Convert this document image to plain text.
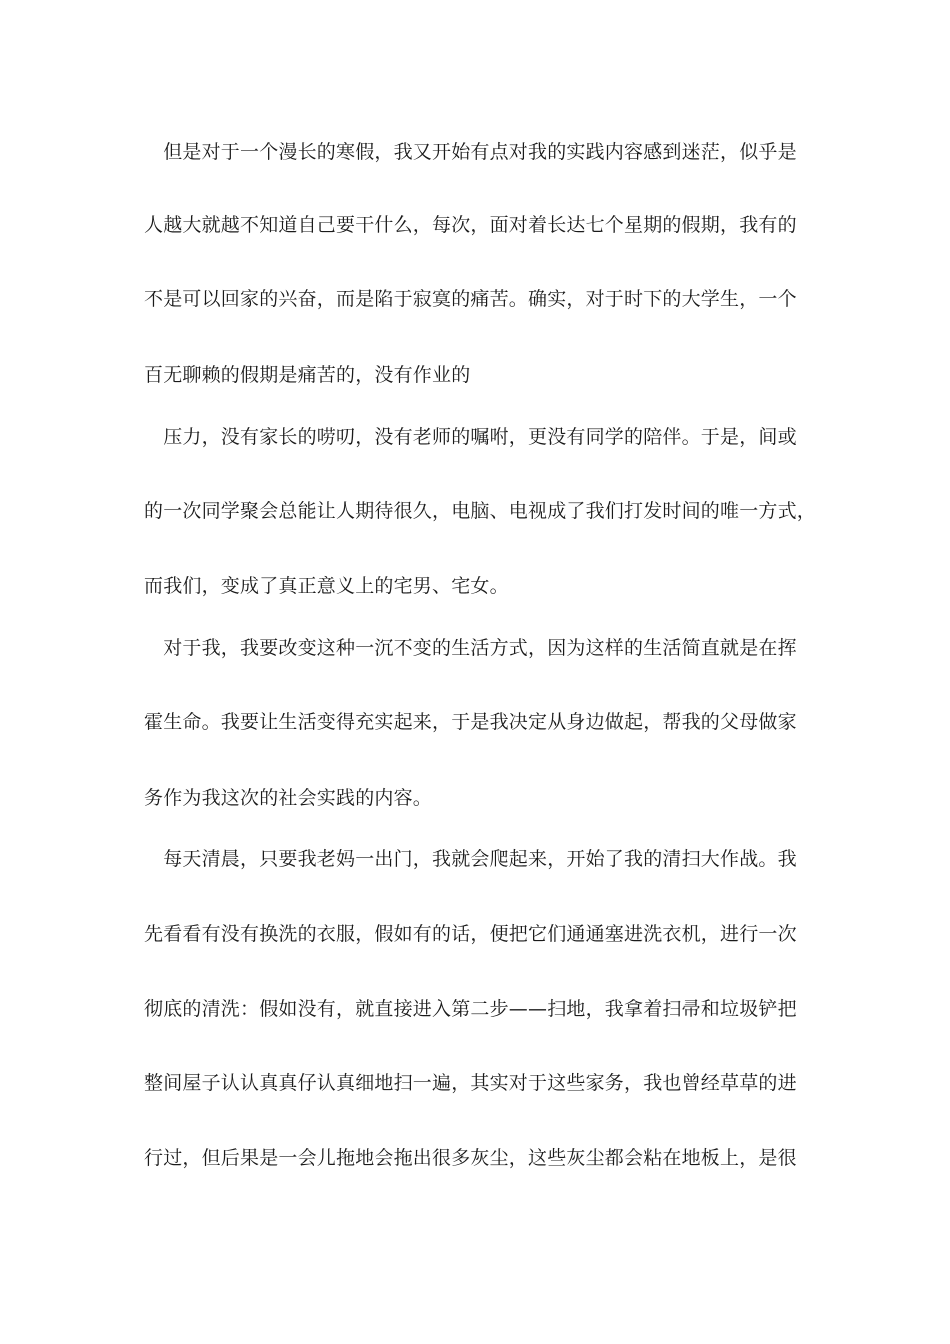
　但是对于一个漫长的寒假，我又开始有点对我的实践内容感到迷茫，似乎是
人越大就越不知道自己要干什么，每次，面对着长达七个星期的假期，我有的
不是可以回家的兴奋，而是陷于寂寞的痛苦。确实，对于时下的大学生，一个
百无聊赖的假期是痛苦的，没有作业的
　压力，没有家长的唠叨，没有老师的嘱咐，更没有同学的陪伴。于是，间或
的一次同学聚会总能让人期待很久，电脑、电视成了我们打发时间的唯一方式，
而我们，变成了真正意义上的宅男、宅女。
　对于我，我要改变这种一沉不变的生活方式，因为这样的生活简直就是在挥
霍生命。我要让生活变得充实起来，于是我决定从身边做起，帮我的父母做家
务作为我这次的社会实践的内容。
　每天清晨，只要我老妈一出门，我就会爬起来，开始了我的清扫大作战。我
先看看有没有换洗的衣服，假如有的话，便把它们通通塞进洗衣机，进行一次
彻底的清洗：假如没有，就直接进入第二步——扫地，我拿着扫帚和垃圾铲把
整间屋子认认真真仔认真细地扫一遍，其实对于这些家务，我也曾经草草的进
行过，但后果是一会儿拖地会拖出很多灰尘，这些灰尘都会粘在地板上，是很
